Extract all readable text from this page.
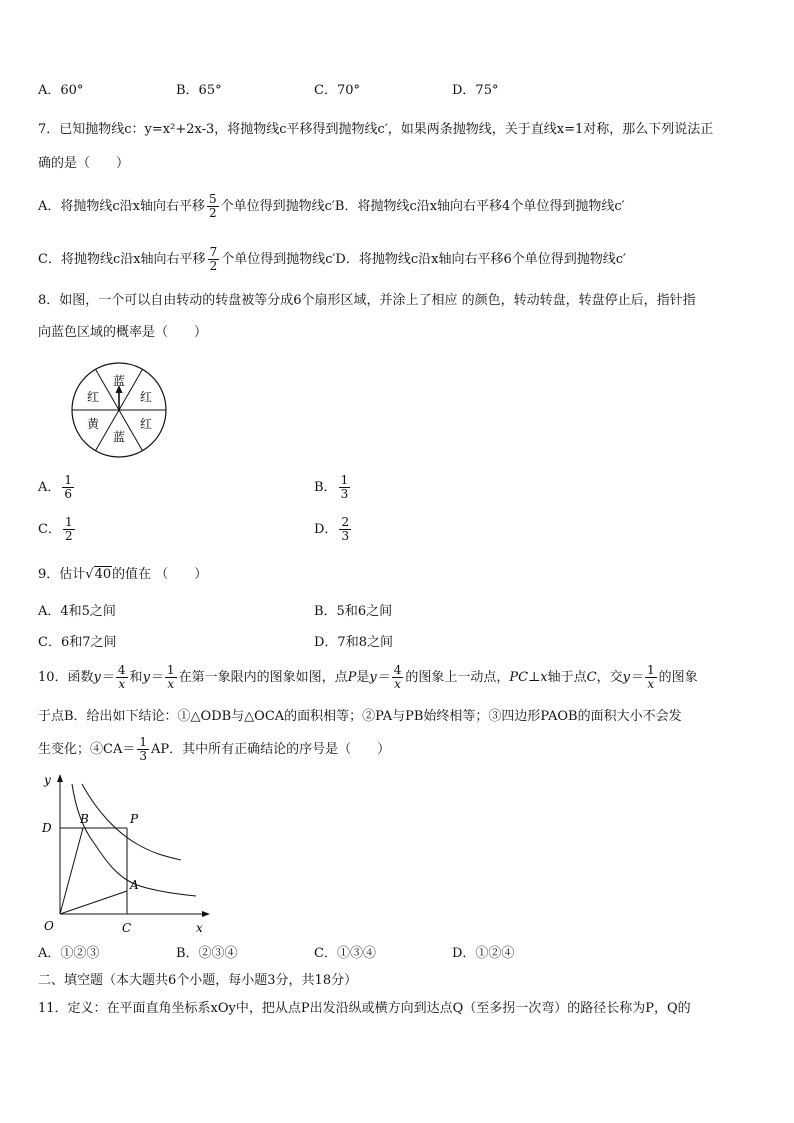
A．60°	B．65°	C．70°	D．75°
7．已知抛物线c：y=x²+2x-3，将抛物线c平移得到抛物线c′，如果两条抛物线，关于直线x=1对称，那么下列说法正
确的是（　　）
A．将抛物线c沿x轴向右平移 $\frac{5}{2}$ 个单位得到抛物线c′B．将抛物线c沿x轴向右平移4个单位得到抛物线c′
C．将抛物线c沿x轴向右平移 $\frac{7}{2}$ 个单位得到抛物线c′D．将抛物线c沿x轴向右平移6个单位得到抛物线c′
8．如图，一个可以自由转动的转盘被等分成6个扇形区域，并涂上了相应 的颜色，转动转盘，转盘停止后，指针指
向蓝色区域的概率是（　　）
蓝
红
红
蓝
黄
红
A． $\frac{1}{6}$	B． $\frac{1}{3}$
C． $\frac{1}{2}$	D． $\frac{2}{3}$
9．估计√40的值在 （　　）
A．4和5之间	B．5和6之间
C．6和7之间	D．7和8之间
10．函数$y= \frac{4}{x}$ 和$y= \frac{1}{x}$ 在第一象限内的图象如图，点P是$y= \frac{4}{x}$ 的图象上一动点，PC⊥x轴于点C，交$y= \frac{1}{x}$ 的图象
于点B．给出如下结论：①△ODB与△OCA的面积相等；②PA与PB始终相等；③四边形PAOB的面积大小不会发
生变化；④CA＝ $\frac{1}{3}$ AP．其中所有正确结论的序号是（　　）
y
x
O
D
B	P
A
C
A．①②③	B．②③④	C．①③④	D．①②④
二、填空题（本大题共6个小题，每小题3分，共18分）
11．定义：在平面直角坐标系xOy中，把从点P出发沿纵或横方向到达点Q（至多拐一次弯）的路径长称为P，Q的
